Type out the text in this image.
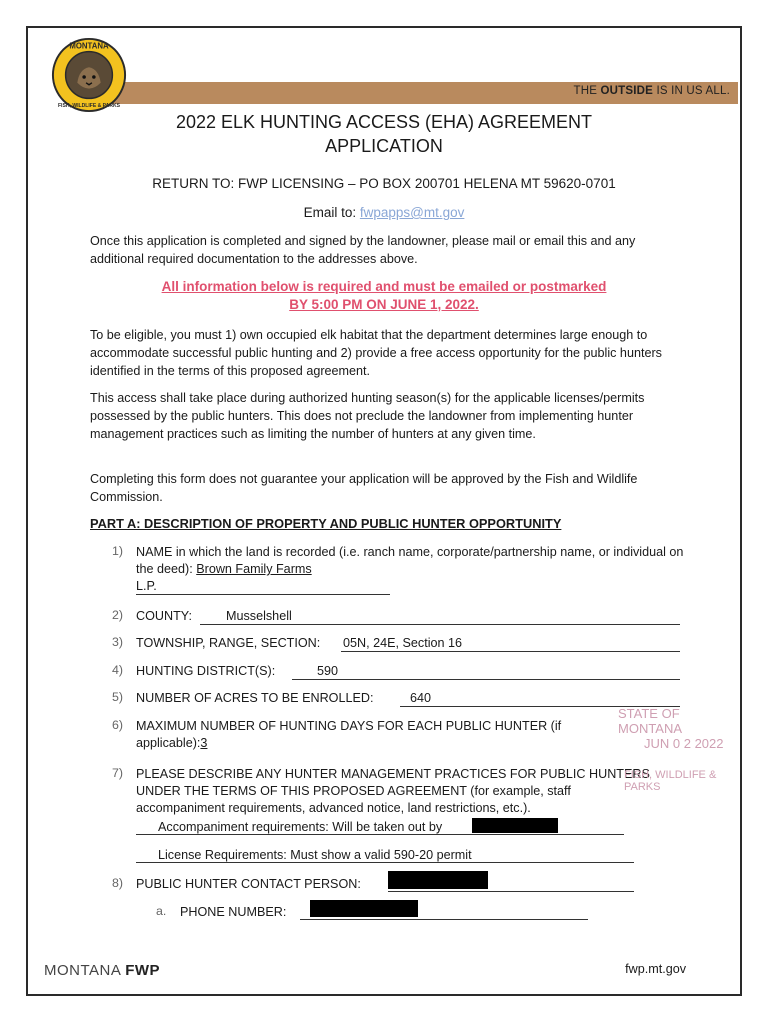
THE OUTSIDE IS IN US ALL.
MONTANA
FISH, WILDLIFE & PARKS
2022 ELK HUNTING ACCESS (EHA) AGREEMENT
APPLICATION
RETURN TO: FWP LICENSING – PO BOX 200701 HELENA MT 59620-0701
Email to: fwpapps@mt.gov
Once this application is completed and signed by the landowner, please mail or email this and any additional required documentation to the addresses above.
All information below is required and must be emailed or postmarked
BY 5:00 PM ON JUNE 1, 2022.
To be eligible, you must 1) own occupied elk habitat that the department determines large enough to accommodate successful public hunting and 2) provide a free access opportunity for the public hunters identified in the terms of this proposed agreement.
This access shall take place during authorized hunting season(s) for the applicable licenses/permits possessed by the public hunters. This does not preclude the landowner from implementing hunter management practices such as limiting the number of hunters at any given time.
Completing this form does not guarantee your application will be approved by the Fish and Wildlife Commission.
PART A: DESCRIPTION OF PROPERTY AND PUBLIC HUNTER OPPORTUNITY
1) NAME in which the land is recorded (i.e. ranch name, corporate/partnership name, or individual on the deed): Brown Family Farms
L.P.
2) COUNTY:	Musselshell
3) TOWNSHIP, RANGE, SECTION:	05N, 24E, Section 16
4) HUNTING DISTRICT(S):	590
5) NUMBER OF ACRES TO BE ENROLLED:	640
6) MAXIMUM NUMBER OF HUNTING DAYS FOR EACH PUBLIC HUNTER (if applicable):3
7) PLEASE DESCRIBE ANY HUNTER MANAGEMENT PRACTICES FOR PUBLIC HUNTERS UNDER THE TERMS OF THIS PROPOSED AGREEMENT (for example, staff accompaniment requirements, advanced notice, land restrictions, etc.).
Accompaniment requirements: Will be taken out by
License Requirements: Must show a valid 590-20 permit
8) PUBLIC HUNTER CONTACT PERSON:
a. PHONE NUMBER:
STATE OF MONTANA
JUN 0 2 2022
FISH, WILDLIFE & PARKS
MONTANA FWP	fwp.mt.gov
